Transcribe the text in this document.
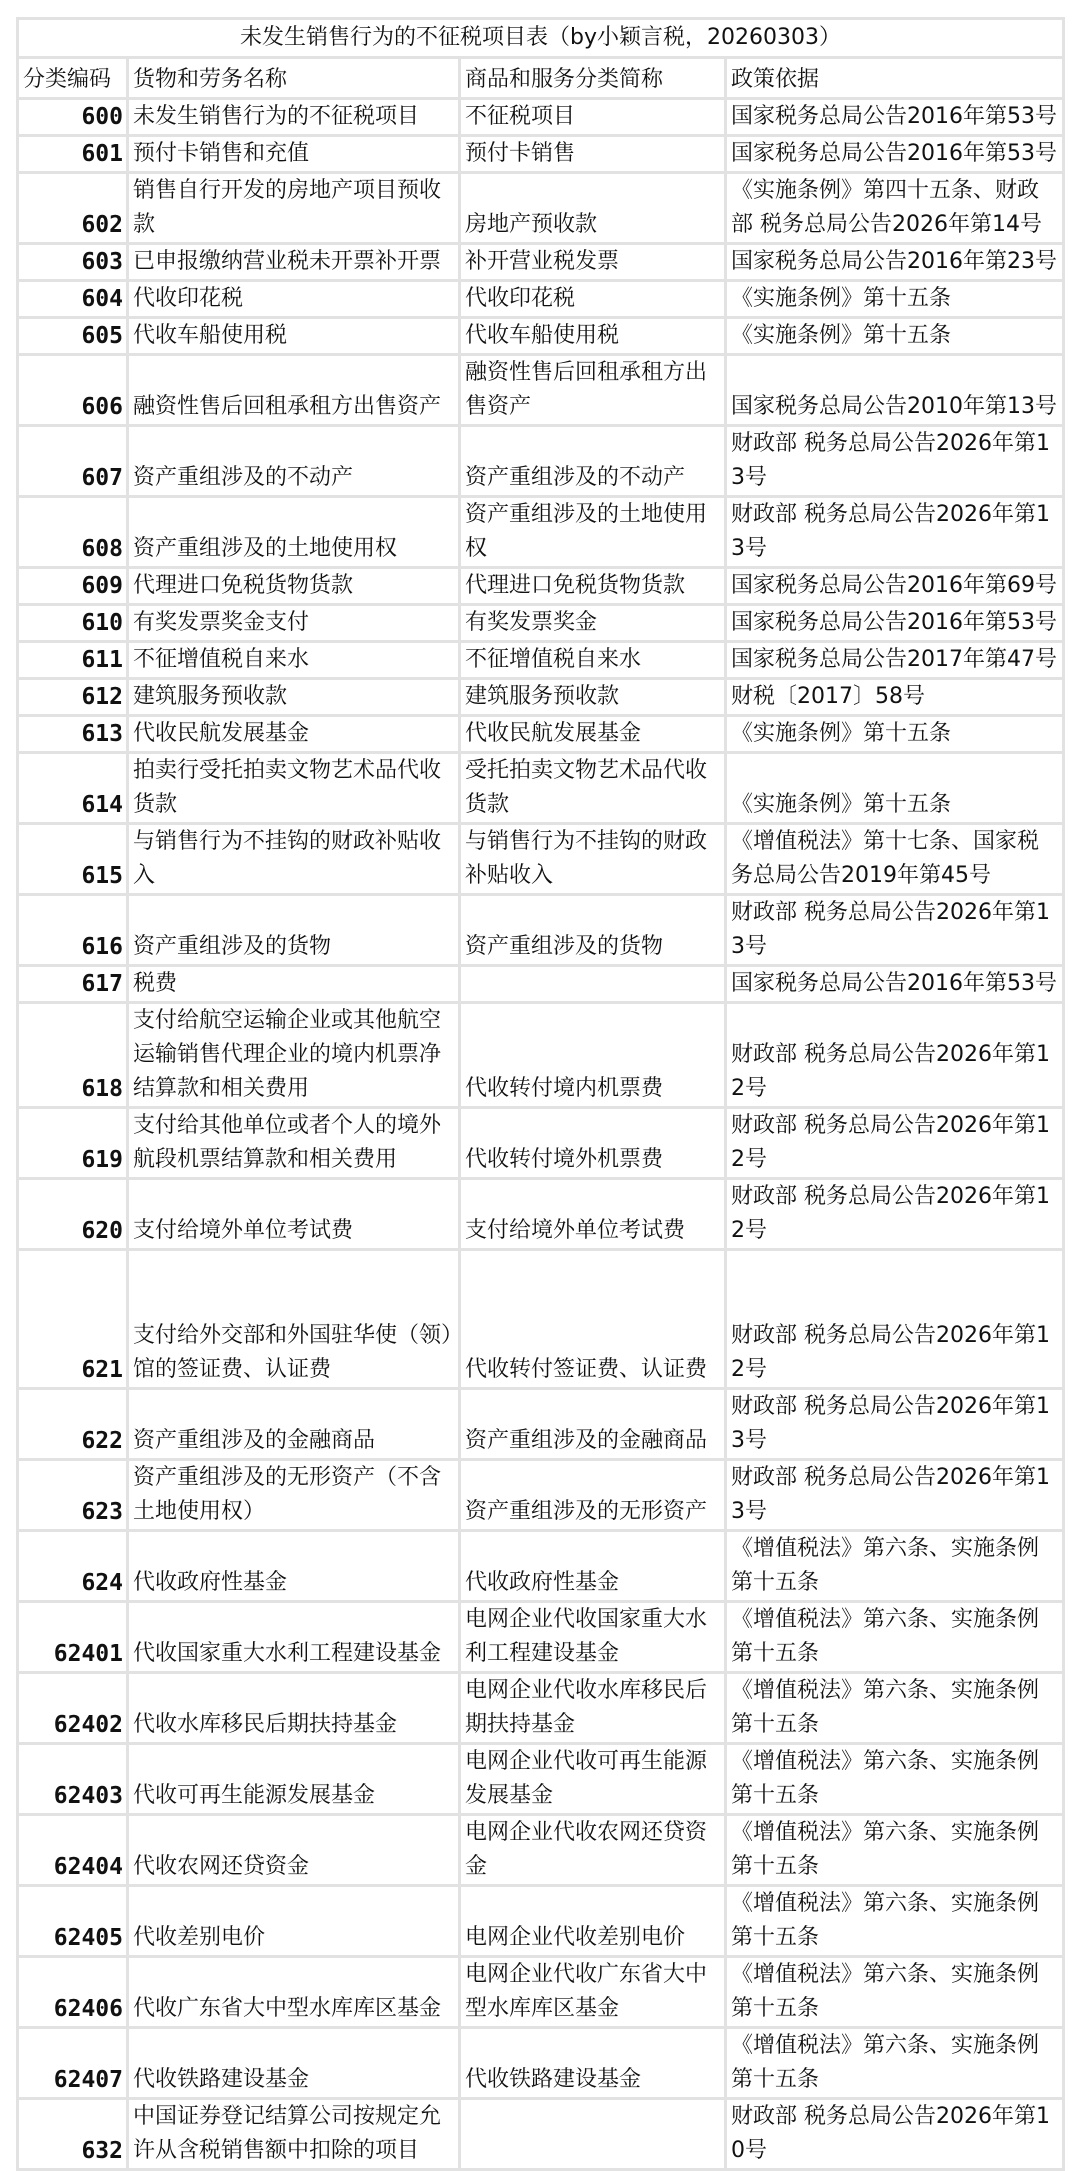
未发生销售行为的不征税项目表（by小颖言税，20260303）			
分类编码	货物和劳务名称	商品和服务分类简称	政策依据
600	未发生销售行为的不征税项目	不征税项目	国家税务总局公告2016年第53号
601	预付卡销售和充值	预付卡销售	国家税务总局公告2016年第53号
602	销售自行开发的房地产项目预收款	房地产预收款	《实施条例》第四十五条、财政部 税务总局公告2026年第14号
603	已申报缴纳营业税未开票补开票	补开营业税发票	国家税务总局公告2016年第23号
604	代收印花税	代收印花税	《实施条例》第十五条
605	代收车船使用税	代收车船使用税	《实施条例》第十五条
606	融资性售后回租承租方出售资产	融资性售后回租承租方出售资产	国家税务总局公告2010年第13号
607	资产重组涉及的不动产	资产重组涉及的不动产	财政部 税务总局公告2026年第13号
608	资产重组涉及的土地使用权	资产重组涉及的土地使用权	财政部 税务总局公告2026年第13号
609	代理进口免税货物货款	代理进口免税货物货款	国家税务总局公告2016年第69号
610	有奖发票奖金支付	有奖发票奖金	国家税务总局公告2016年第53号
611	不征增值税自来水	不征增值税自来水	国家税务总局公告2017年第47号
612	建筑服务预收款	建筑服务预收款	财税〔2017〕58号
613	代收民航发展基金	代收民航发展基金	《实施条例》第十五条
614	拍卖行受托拍卖文物艺术品代收货款	受托拍卖文物艺术品代收货款	《实施条例》第十五条
615	与销售行为不挂钩的财政补贴收入	与销售行为不挂钩的财政补贴收入	《增值税法》第十七条、国家税务总局公告2019年第45号
616	资产重组涉及的货物	资产重组涉及的货物	财政部 税务总局公告2026年第13号
617	税费		国家税务总局公告2016年第53号
618	支付给航空运输企业或其他航空运输销售代理企业的境内机票净结算款和相关费用	代收转付境内机票费	财政部 税务总局公告2026年第12号
619	支付给其他单位或者个人的境外航段机票结算款和相关费用	代收转付境外机票费	财政部 税务总局公告2026年第12号
620	支付给境外单位考试费	支付给境外单位考试费	财政部 税务总局公告2026年第12号
621	支付给外交部和外国驻华使（领）馆的签证费、认证费	代收转付签证费、认证费	财政部 税务总局公告2026年第12号
622	资产重组涉及的金融商品	资产重组涉及的金融商品	财政部 税务总局公告2026年第13号
623	资产重组涉及的无形资产（不含土地使用权）	资产重组涉及的无形资产	财政部 税务总局公告2026年第13号
624	代收政府性基金	代收政府性基金	《增值税法》第六条、实施条例第十五条
62401	代收国家重大水利工程建设基金	电网企业代收国家重大水利工程建设基金	《增值税法》第六条、实施条例第十五条
62402	代收水库移民后期扶持基金	电网企业代收水库移民后期扶持基金	《增值税法》第六条、实施条例第十五条
62403	代收可再生能源发展基金	电网企业代收可再生能源发展基金	《增值税法》第六条、实施条例第十五条
62404	代收农网还贷资金	电网企业代收农网还贷资金	《增值税法》第六条、实施条例第十五条
62405	代收差别电价	电网企业代收差别电价	《增值税法》第六条、实施条例第十五条
62406	代收广东省大中型水库库区基金	电网企业代收广东省大中型水库库区基金	《增值税法》第六条、实施条例第十五条
62407	代收铁路建设基金	代收铁路建设基金	《增值税法》第六条、实施条例第十五条
632	中国证券登记结算公司按规定允许从含税销售额中扣除的项目		财政部 税务总局公告2026年第10号
